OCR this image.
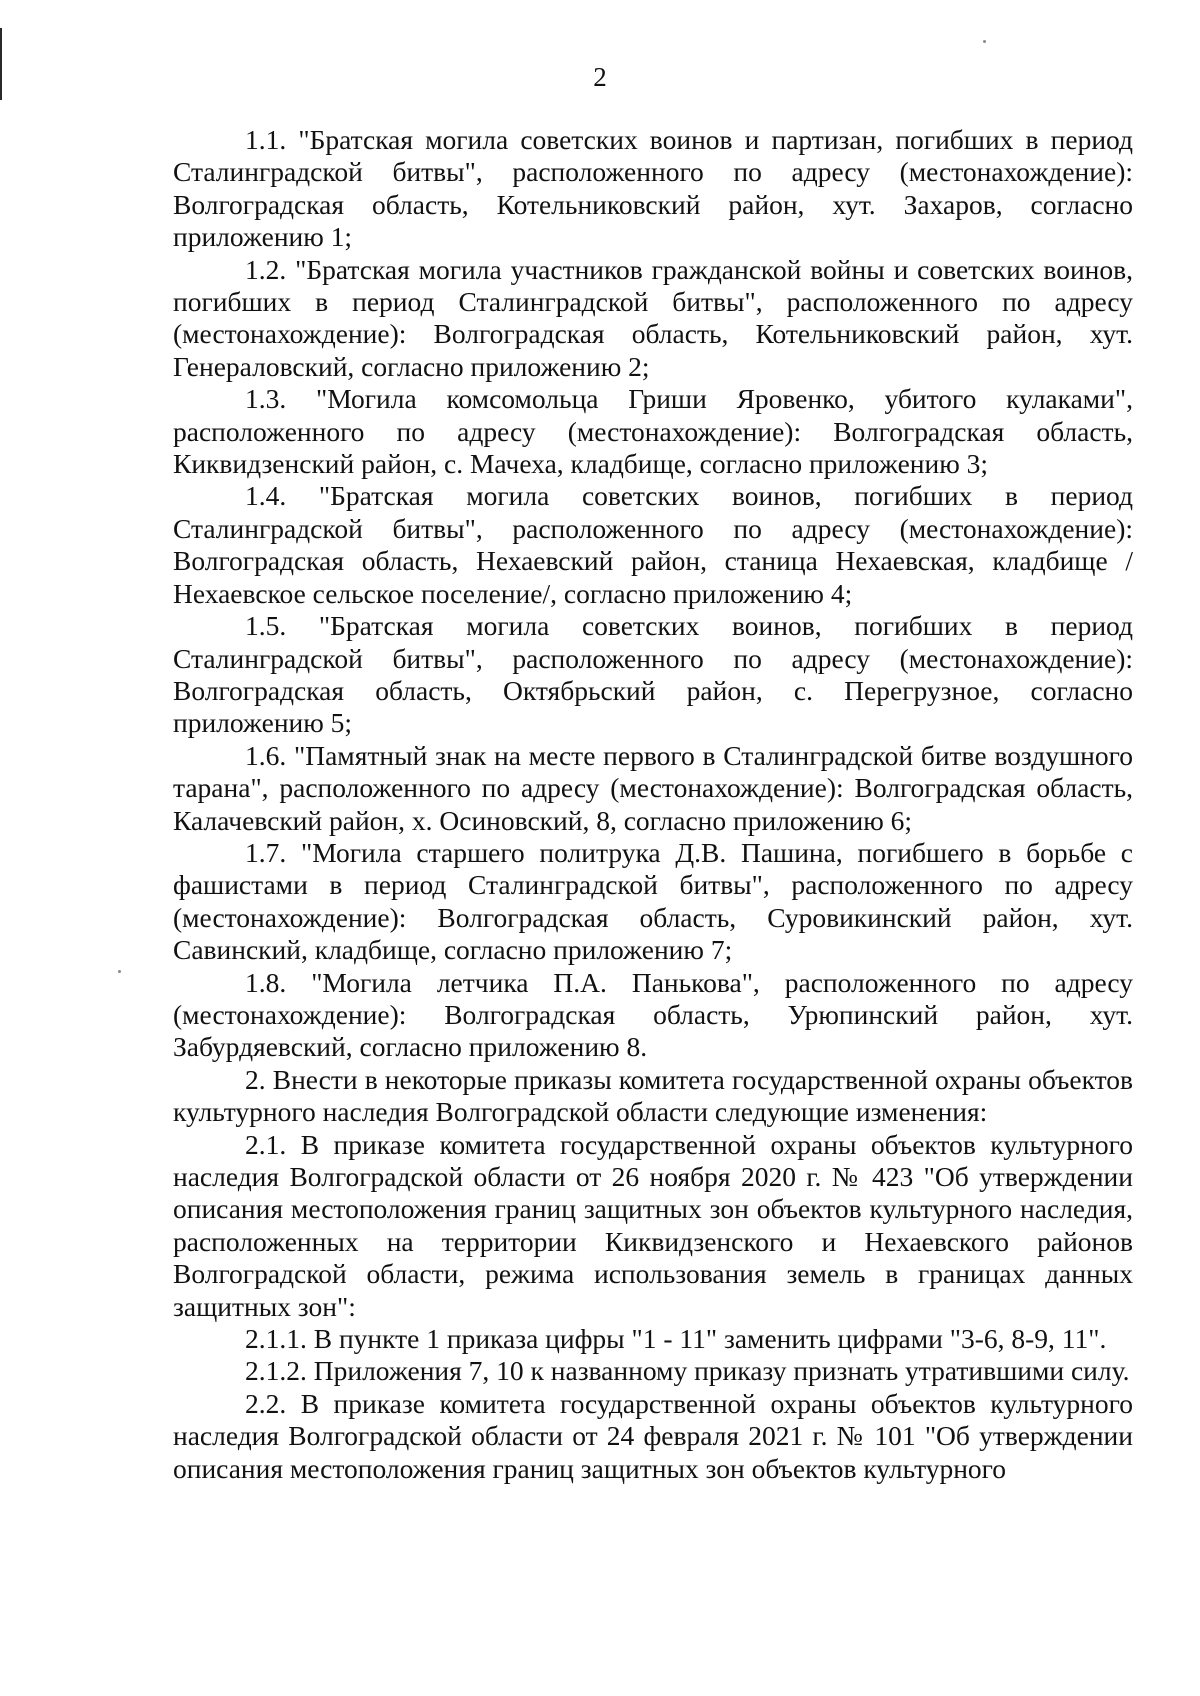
2

1.1. "Братская могила советских воинов и партизан, погибших в период Сталинградской битвы", расположенного по адресу (местонахождение): Волгоградская область, Котельниковский район, хут. Захаров, согласно приложению 1;

1.2. "Братская могила участников гражданской войны и советских воинов, погибших в период Сталинградской битвы", расположенного по адресу (местонахождение): Волгоградская область, Котельниковский район, хут. Генераловский, согласно приложению 2;

1.3. "Могила комсомольца Гриши Яровенко, убитого кулаками", расположенного по адресу (местонахождение): Волгоградская область, Киквидзенский район, с. Мачеха, кладбище, согласно приложению 3;

1.4. "Братская могила советских воинов, погибших в период Сталинградской битвы", расположенного по адресу (местонахождение): Волгоградская область, Нехаевский район, станица Нехаевская, кладбище /Нехаевское сельское поселение/, согласно приложению 4;

1.5. "Братская могила советских воинов, погибших в период Сталинградской битвы", расположенного по адресу (местонахождение): Волгоградская область, Октябрьский район, с. Перегрузное, согласно приложению 5;

1.6. "Памятный знак на месте первого в Сталинградской битве воздушного тарана", расположенного по адресу (местонахождение): Волгоградская область, Калачевский район, х. Осиновский, 8, согласно приложению 6;

1.7. "Могила старшего политрука Д.В. Пашина, погибшего в борьбе с фашистами в период Сталинградской битвы", расположенного по адресу (местонахождение): Волгоградская область, Суровикинский район, хут. Савинский, кладбище, согласно приложению 7;

1.8. "Могила летчика П.А. Панькова", расположенного по адресу (местонахождение): Волгоградская область, Урюпинский район, хут. Забурдяевский, согласно приложению 8.

2. Внести в некоторые приказы комитета государственной охраны объектов культурного наследия Волгоградской области следующие изменения:

2.1. В приказе комитета государственной охраны объектов культурного наследия Волгоградской области от 26 ноября 2020 г. № 423 "Об утверждении описания местоположения границ защитных зон объектов культурного наследия, расположенных на территории Киквидзенского и Нехаевского районов Волгоградской области, режима использования земель в границах данных защитных зон":

2.1.1. В пункте 1 приказа цифры "1 - 11" заменить цифрами "3-6, 8-9, 11".

2.1.2. Приложения 7, 10 к названному приказу признать утратившими силу.

2.2. В приказе комитета государственной охраны объектов культурного наследия Волгоградской области от 24 февраля 2021 г. № 101 "Об утверждении описания местоположения границ защитных зон объектов культурного
